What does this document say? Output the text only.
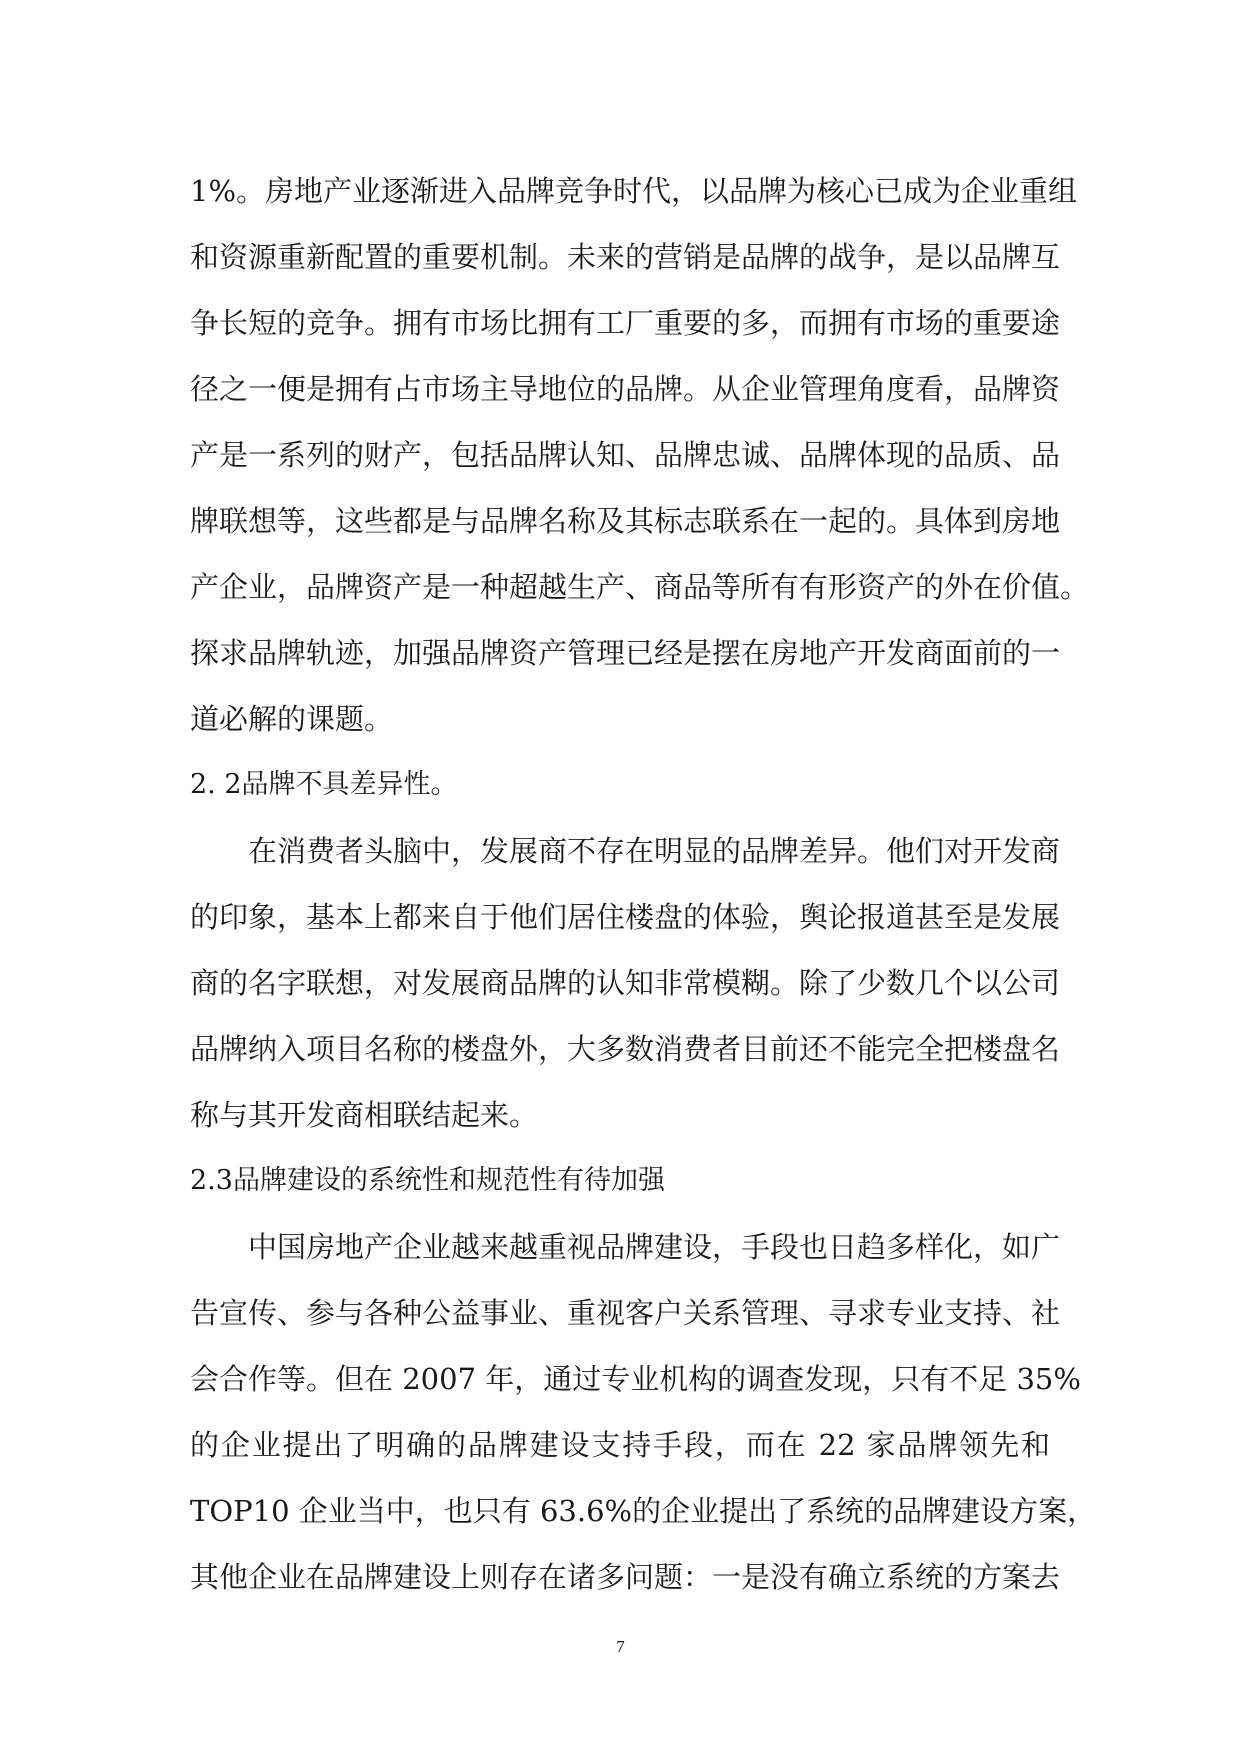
1%。房地产业逐渐进入品牌竞争时代，以品牌为核心已成为企业重组
和资源重新配置的重要机制。未来的营销是品牌的战争，是以品牌互
争长短的竞争。拥有市场比拥有工厂重要的多，而拥有市场的重要途
径之一便是拥有占市场主导地位的品牌。从企业管理角度看，品牌资
产是一系列的财产，包括品牌认知、品牌忠诚、品牌体现的品质、品
牌联想等，这些都是与品牌名称及其标志联系在一起的。具体到房地
产企业，品牌资产是一种超越生产、商品等所有有形资产的外在价值。
探求品牌轨迹，加强品牌资产管理已经是摆在房地产开发商面前的一
道必解的课题。
2. 2品牌不具差异性。
在消费者头脑中，发展商不存在明显的品牌差异。他们对开发商
的印象，基本上都来自于他们居住楼盘的体验，舆论报道甚至是发展
商的名字联想，对发展商品牌的认知非常模糊。除了少数几个以公司
品牌纳入项目名称的楼盘外，大多数消费者目前还不能完全把楼盘名
称与其开发商相联结起来。
2.3品牌建设的系统性和规范性有待加强
中国房地产企业越来越重视品牌建设，手段也日趋多样化，如广
告宣传、参与各种公益事业、重视客户关系管理、寻求专业支持、社
会合作等。但在 2007 年，通过专业机构的调查发现，只有不足 35%
的企业提出了明确的品牌建设支持手段，而在 22 家品牌领先和
TOP10 企业当中，也只有 63.6%的企业提出了系统的品牌建设方案，
其他企业在品牌建设上则存在诸多问题：一是没有确立系统的方案去
7
